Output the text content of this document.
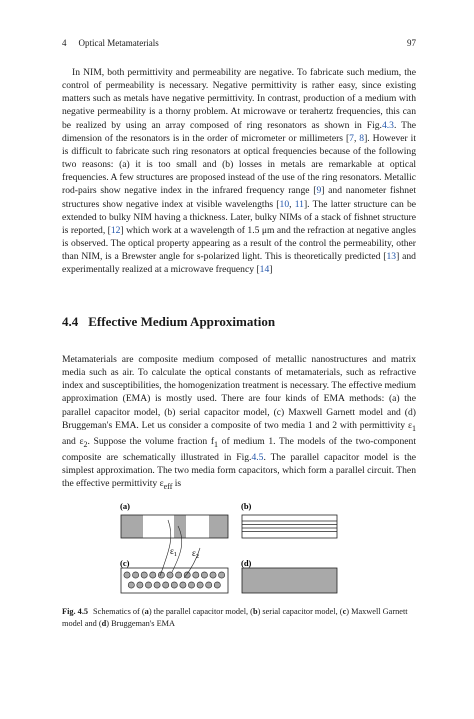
4 Optical Metamaterials	97

In NIM, both permittivity and permeability are negative. To fabricate such medium, the control of permeability is necessary. Negative permittivity is rather easy, since existing matters such as metals have negative permittivity. In contrast, production of a medium with negative permeability is a thorny problem. At microwave or terahertz frequencies, this can be realized by using an array composed of ring resonators as shown in Fig.4.3. The dimension of the resonators is in the order of micrometer or millimeters [7, 8]. However it is difficult to fabricate such ring resonators at optical frequencies because of the following two reasons: (a) it is too small and (b) losses in metals are remarkable at optical frequencies. A few structures are proposed instead of the use of the ring resonators. Metallic rod-pairs show negative index in the infrared frequency range [9] and nanometer fishnet structures show negative index at visible wavelengths [10, 11]. The latter structure can be extended to bulky NIM having a thickness. Later, bulky NIMs of a stack of fishnet structure is reported, [12] which work at a wavelength of 1.5 μm and the refraction at negative angles is observed. The optical property appearing as a result of the control the permeability, other than NIM, is a Brewster angle for s-polarized light. This is theoretically predicted [13] and experimentally realized at a microwave frequency [14]

4.4 Effective Medium Approximation

Metamaterials are composite medium composed of metallic nanostructures and matrix media such as air. To calculate the optical constants of metamaterials, such as refractive index and susceptibilities, the homogenization treatment is necessary. The effective medium approximation (EMA) is mostly used. There are four kinds of EMA methods: (a) the parallel capacitor model, (b) serial capacitor model, (c) Maxwell Garnett model and (d) Bruggeman's EMA. Let us consider a composite of two media 1 and 2 with permittivity $\varepsilon_1$ and $\varepsilon_2$. Suppose the volume fraction $f_1$ of medium 1. The models of the two-component composite are schematically illustrated in Fig.4.5. The parallel capacitor model is the simplest approximation. The two media form capacitors, which form a parallel circuit. Then the effective permittivity $\varepsilon_{eff}$ is

(a)	(b)
$\varepsilon_1$ $\varepsilon_2$
(c)	(d)
Fig. 4.5 Schematics of (a) the parallel capacitor model, (b) serial capacitor model, (c) Maxwell Garnett model and (d) Bruggeman's EMA
